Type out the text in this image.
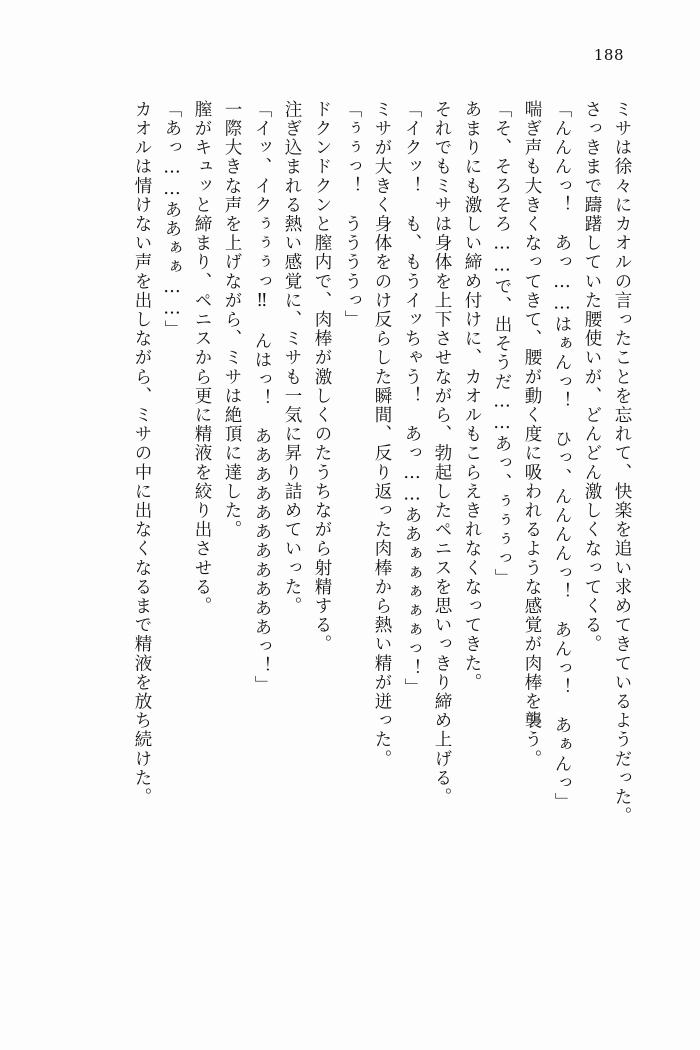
188
ミサは徐々にカオルの言ったことを忘れて、快楽を追い求めてきているようだった。
さっきまで躊躇していた腰使いが、どんどん激しくなってくる。
「んんんっ！　あっ……はぁんっ！　ひっ、んんんんっ！　あんっ！　あぁんっ」
喘ぎ声も大きくなってきて、腰が動く度に吸われるような感覚が肉棒を襲う。
「そ、そろそろ……で、出そうだ……あっ、ぅぅぅっ」
あまりにも激しい締め付けに、カオルもこらえきれなくなってきた。
それでもミサは身体を上下させながら、勃起したペニスを思いっきり締め上げる。
「イクッ！　も、もうイッちゃう！　あっ……ああぁぁぁぁぁっ！」
ミサが大きく身体をのけ反らした瞬間、反り返った肉棒から熱い精が迸った。
「ぅぅっ！　ううううっ」
ドクンドクンと膣内で、肉棒が激しくのたうちながら射精する。
注ぎ込まれる熱い感覚に、ミサも一気に昇り詰めていった。
「イッ、イクぅぅぅっ‼　んはっ！　あああああああああああっ！」
一際大きな声を上げながら、ミサは絶頂に達した。
膣がキュッと締まり、ペニスから更に精液を絞り出させる。
「あっ……ああぁぁ……」
カオルは情けない声を出しながら、ミサの中に出なくなるまで精液を放ち続けた。
